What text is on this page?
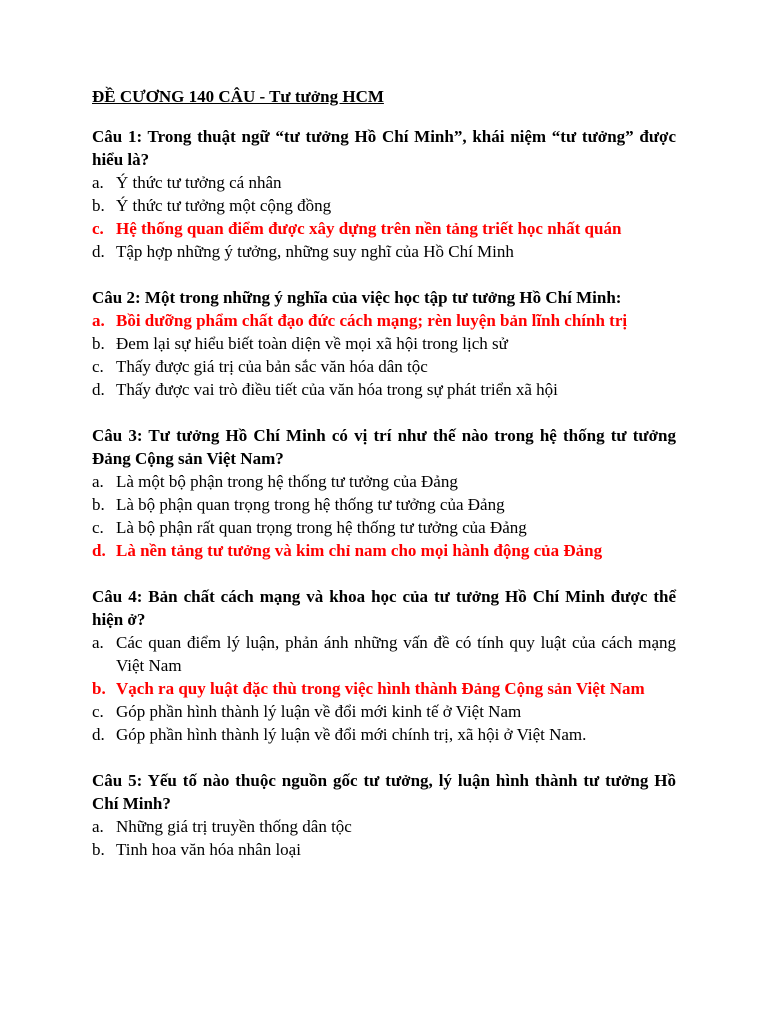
ĐỀ CƯƠNG 140 CÂU - Tư tưởng HCM

Câu 1: Trong thuật ngữ “tư tưởng Hồ Chí Minh”, khái niệm “tư tưởng” được hiểu là?

a. Ý thức tư tưởng cá nhân
b. Ý thức tư tưởng một cộng đồng
c. Hệ thống quan điểm được xây dựng trên nền tảng triết học nhất quán
d. Tập hợp những ý tưởng, những suy nghĩ của Hồ Chí Minh

Câu 2: Một trong những ý nghĩa của việc học tập tư tưởng Hồ Chí Minh:

a. Bồi dưỡng phẩm chất đạo đức cách mạng; rèn luyện bản lĩnh chính trị
b. Đem lại sự hiểu biết toàn diện về mọi xã hội trong lịch sử
c. Thấy được giá trị của bản sắc văn hóa dân tộc
d. Thấy được vai trò điều tiết của văn hóa trong sự phát triển xã hội

Câu 3: Tư tưởng Hồ Chí Minh có vị trí như thế nào trong hệ thống tư tưởng Đảng Cộng sản Việt Nam?

a. Là một bộ phận trong hệ thống tư tưởng của Đảng
b. Là bộ phận quan trọng trong hệ thống tư tưởng của Đảng
c. Là bộ phận rất quan trọng trong hệ thống tư tưởng của Đảng
d. Là nền tảng tư tưởng và kim chỉ nam cho mọi hành động của Đảng

Câu 4: Bản chất cách mạng và khoa học của tư tưởng Hồ Chí Minh được thể hiện ở?

a. Các quan điểm lý luận, phản ánh những vấn đề có tính quy luật của cách mạng Việt Nam
b. Vạch ra quy luật đặc thù trong việc hình thành Đảng Cộng sản Việt Nam
c. Góp phần hình thành lý luận về đổi mới kinh tế ở Việt Nam
d. Góp phần hình thành lý luận về đổi mới chính trị, xã hội ở Việt Nam.

Câu 5: Yếu tố nào thuộc nguồn gốc tư tưởng, lý luận hình thành tư tưởng Hồ Chí Minh?

a. Những giá trị truyền thống dân tộc
b. Tinh hoa văn hóa nhân loại
